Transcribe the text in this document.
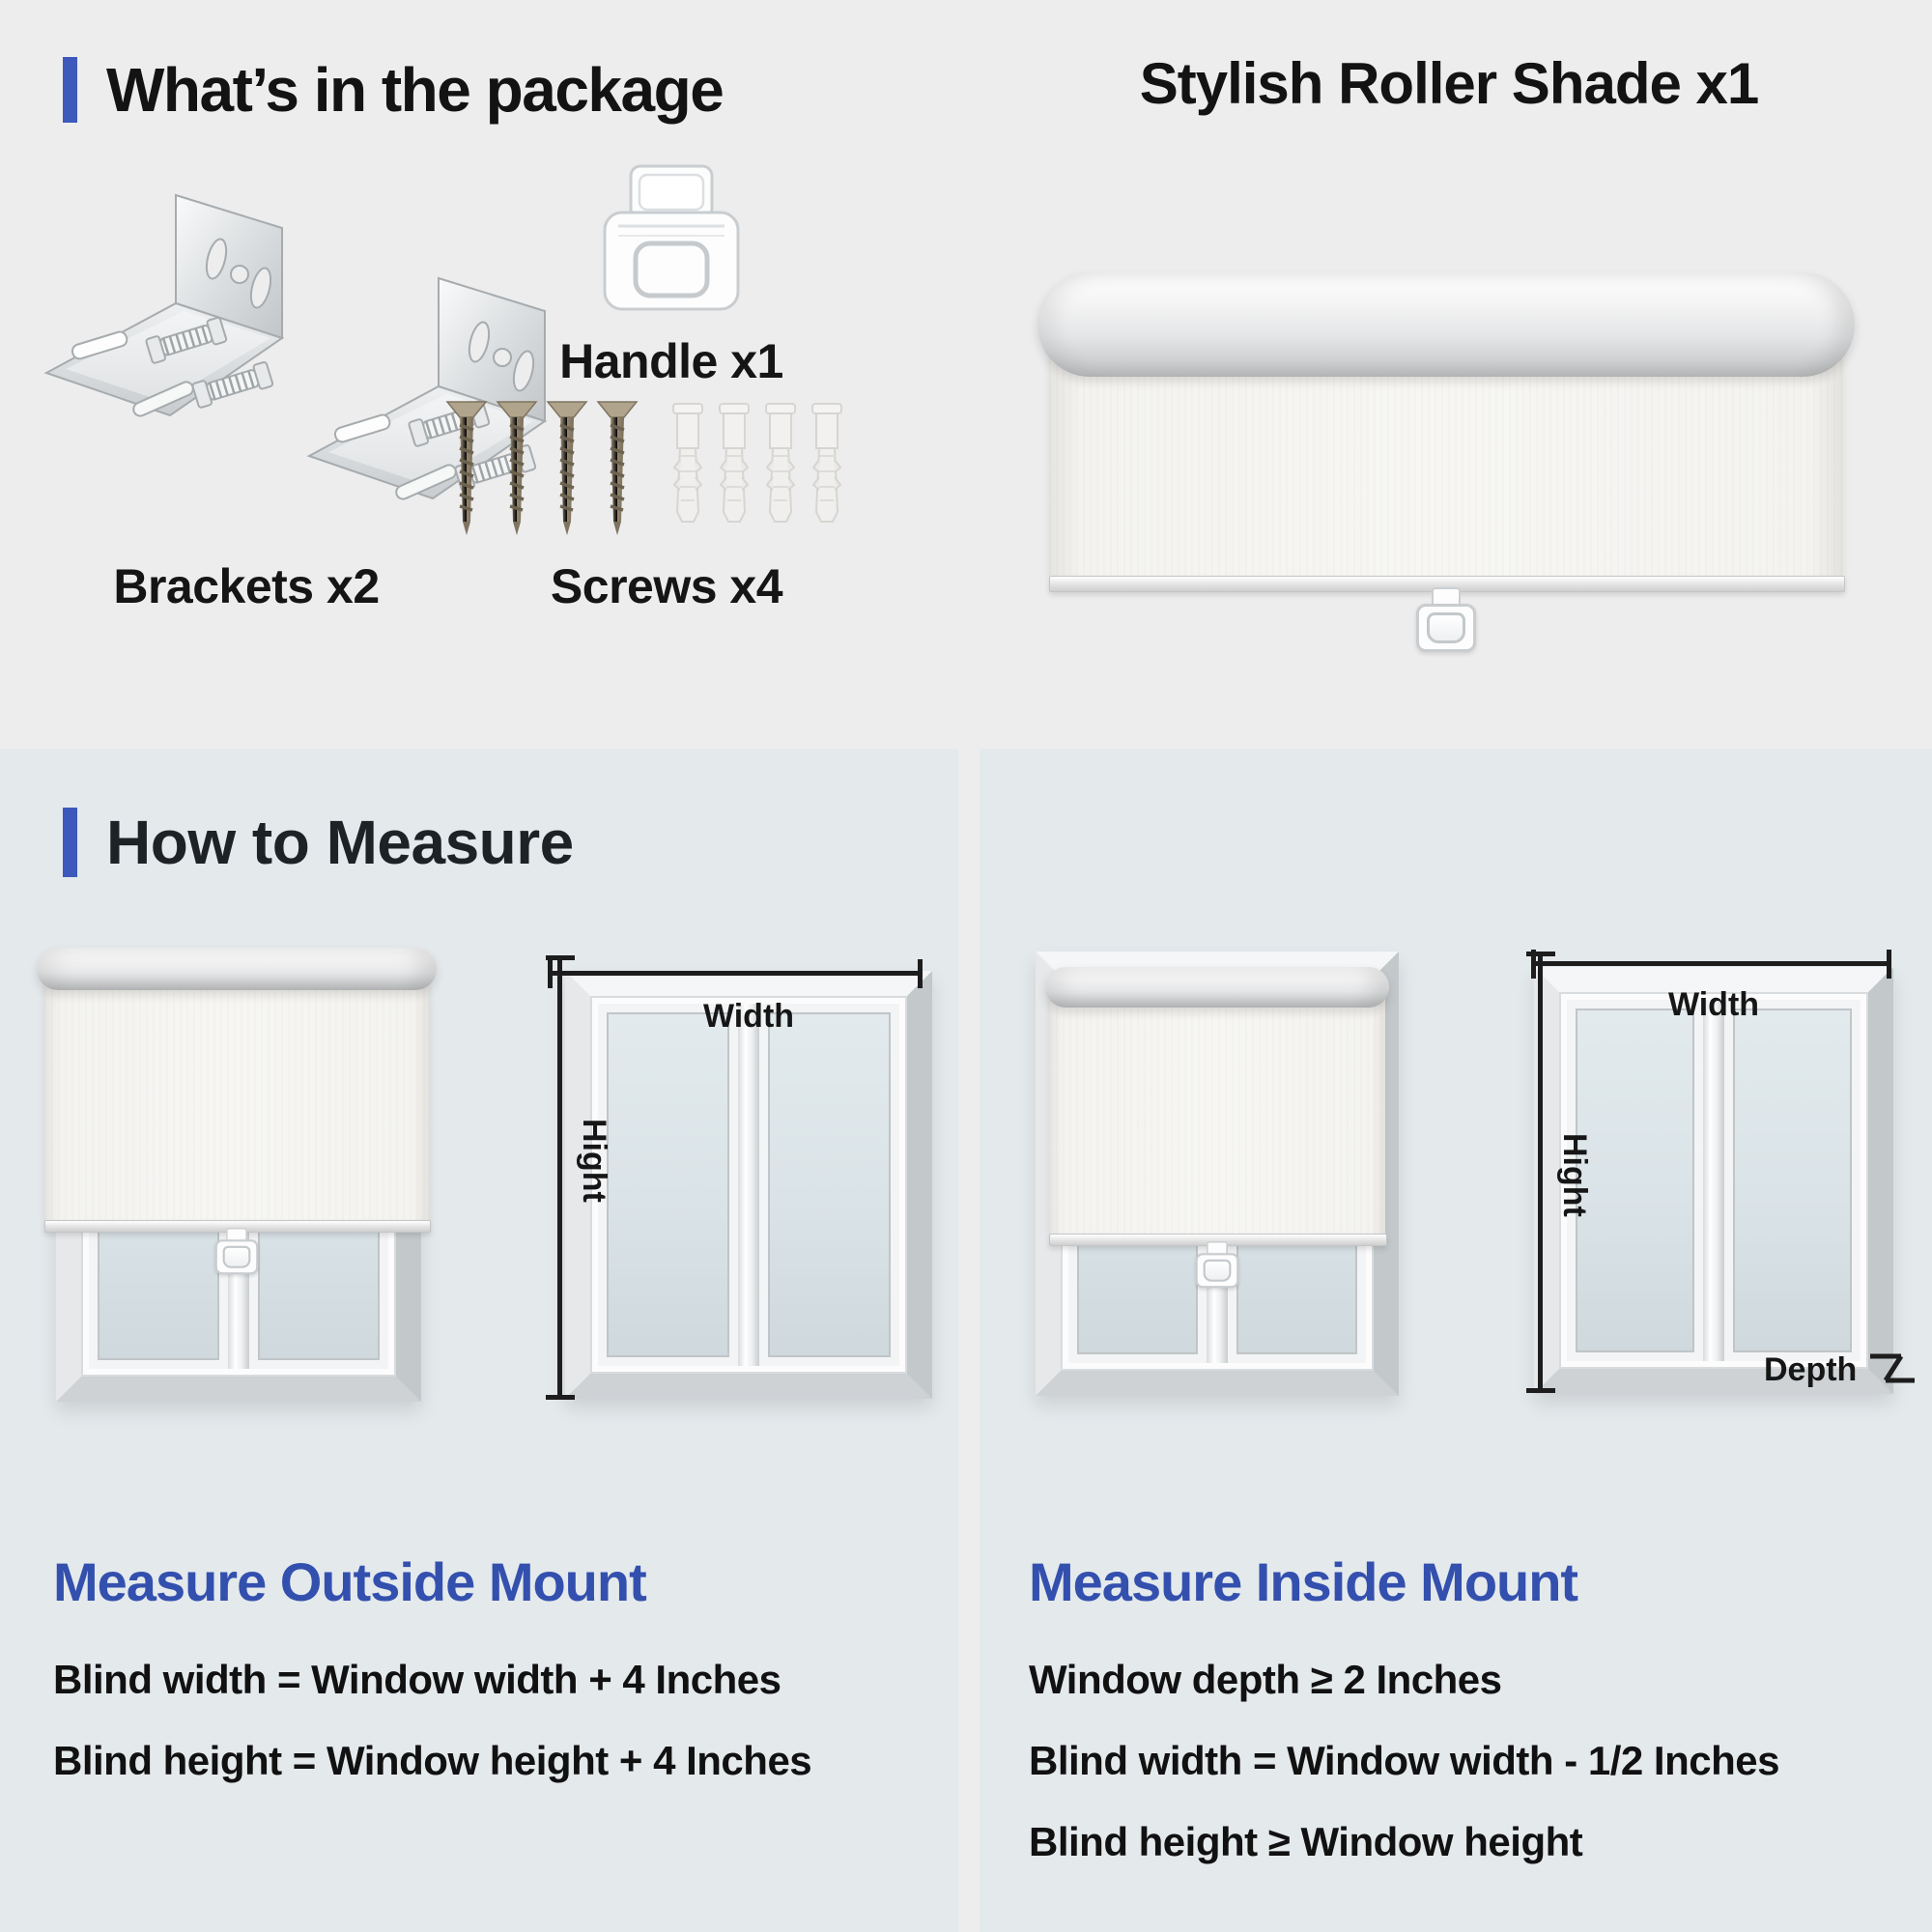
What’s in the package	Stylish Roller Shade x1
Brackets x2
Handle x1
Screws x4
How to Measure
Width
Hight
Measure Outside Mount

Blind width = Window width + 4 Inches

Blind height = Window height + 4 Inches

Width
Hight
Depth
Measure Inside Mount

Window depth ≥ 2 Inches

Blind width = Window width - 1/2 Inches

Blind height ≥ Window height
